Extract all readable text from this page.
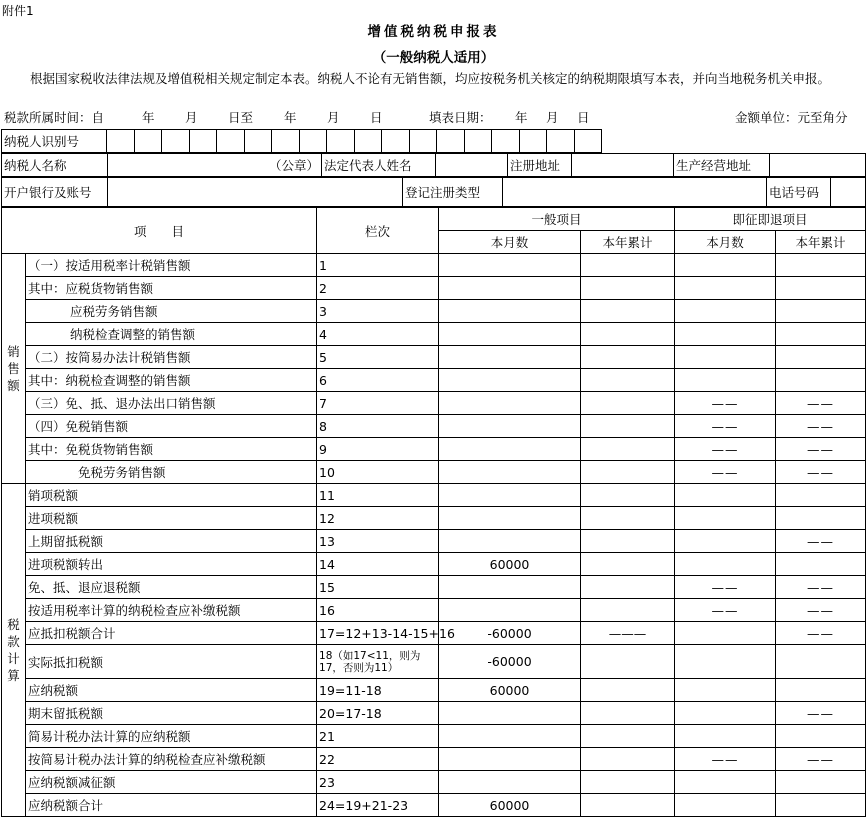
附件1
增值税纳税申报表
（一般纳税人适用）
根据国家税收法律法规及增值税相关规定制定本表。纳税人不论有无销售额，均应按税务机关核定的纳税期限填写本表，并向当地税务机关申报。
税款所属时间：自	年 月 日至 年 月 日	填表日期： 年 月 日	金额单位：元至角分
纳税人识别号																		
纳税人名称	（公章）	法定代表人姓名		注册地址		生产经营地址	
开户银行及账号		登记注册类型		电话号码	
项　　目		栏次	一般项目		即征即退项目	
			本月数	本年累计	本月数	本年累计
销售额	（一）按适用税率计税销售额	1				
	其中：应税货物销售额	2				
	应税劳务销售额	3				
	纳税检查调整的销售额	4				
	（二）按简易办法计税销售额	5				
	其中：纳税检查调整的销售额	6				
	（三）免、抵、退办法出口销售额	7			——	——
	（四）免税销售额	8			——	——
	其中：免税货物销售额	9			——	——
	免税劳务销售额	10			——	——
税款计算	销项税额	11				
	进项税额	12				
	上期留抵税额	13				——
	进项税额转出	14	60000			
	免、抵、退应退税额	15			——	——
	按适用税率计算的纳税检查应补缴税额	16			——	——
	应抵扣税额合计	17=12+13-14-15+16	-60000	———		——
	实际抵扣税额	18（如17<11，则为17，否则为11）	-60000			
	应纳税额	19=11-18	60000			
	期末留抵税额	20=17-18				——
	简易计税办法计算的应纳税额	21				
	按简易计税办法计算的纳税检查应补缴税额	22			——	——
	应纳税额减征额	23				
	应纳税额合计	24=19+21-23	60000			
